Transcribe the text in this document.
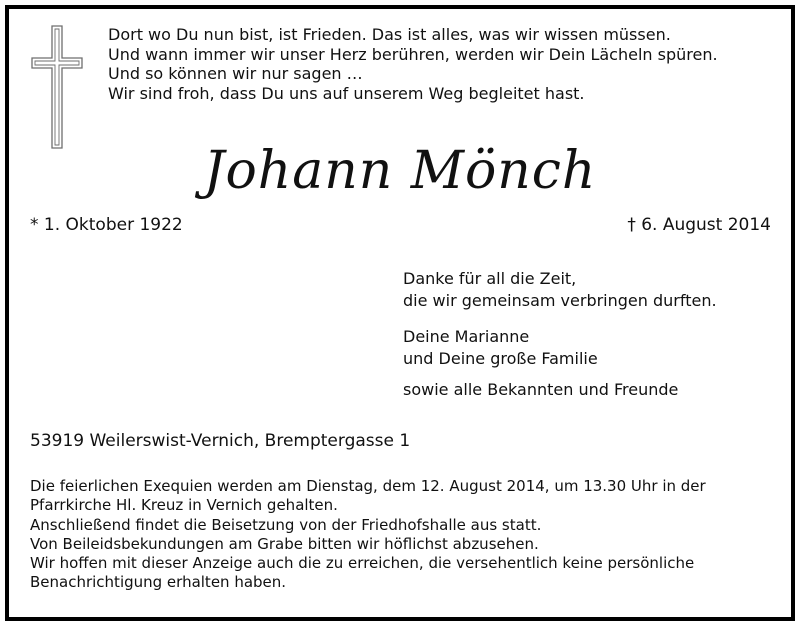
Dort wo Du nun bist, ist Frieden. Das ist alles, was wir wissen müssen.
Und wann immer wir unser Herz berühren, werden wir Dein Lächeln spüren.
Und so können wir nur sagen …
Wir sind froh, dass Du uns auf unserem Weg begleitet hast.
Johann Mönch
* 1. Oktober 1922	† 6. August 2014
Danke für all die Zeit,
die wir gemeinsam verbringen durften.
Deine Marianne
und Deine große Familie
sowie alle Bekannten und Freunde
53919 Weilerswist-Vernich, Bremptergasse 1
Die feierlichen Exequien werden am Dienstag, dem 12. August 2014, um 13.30 Uhr in der
Pfarrkirche Hl. Kreuz in Vernich gehalten.
Anschließend findet die Beisetzung von der Friedhofshalle aus statt.
Von Beileidsbekundungen am Grabe bitten wir höflichst abzusehen.
Wir hoffen mit dieser Anzeige auch die zu erreichen, die versehentlich keine persönliche
Benachrichtigung erhalten haben.
